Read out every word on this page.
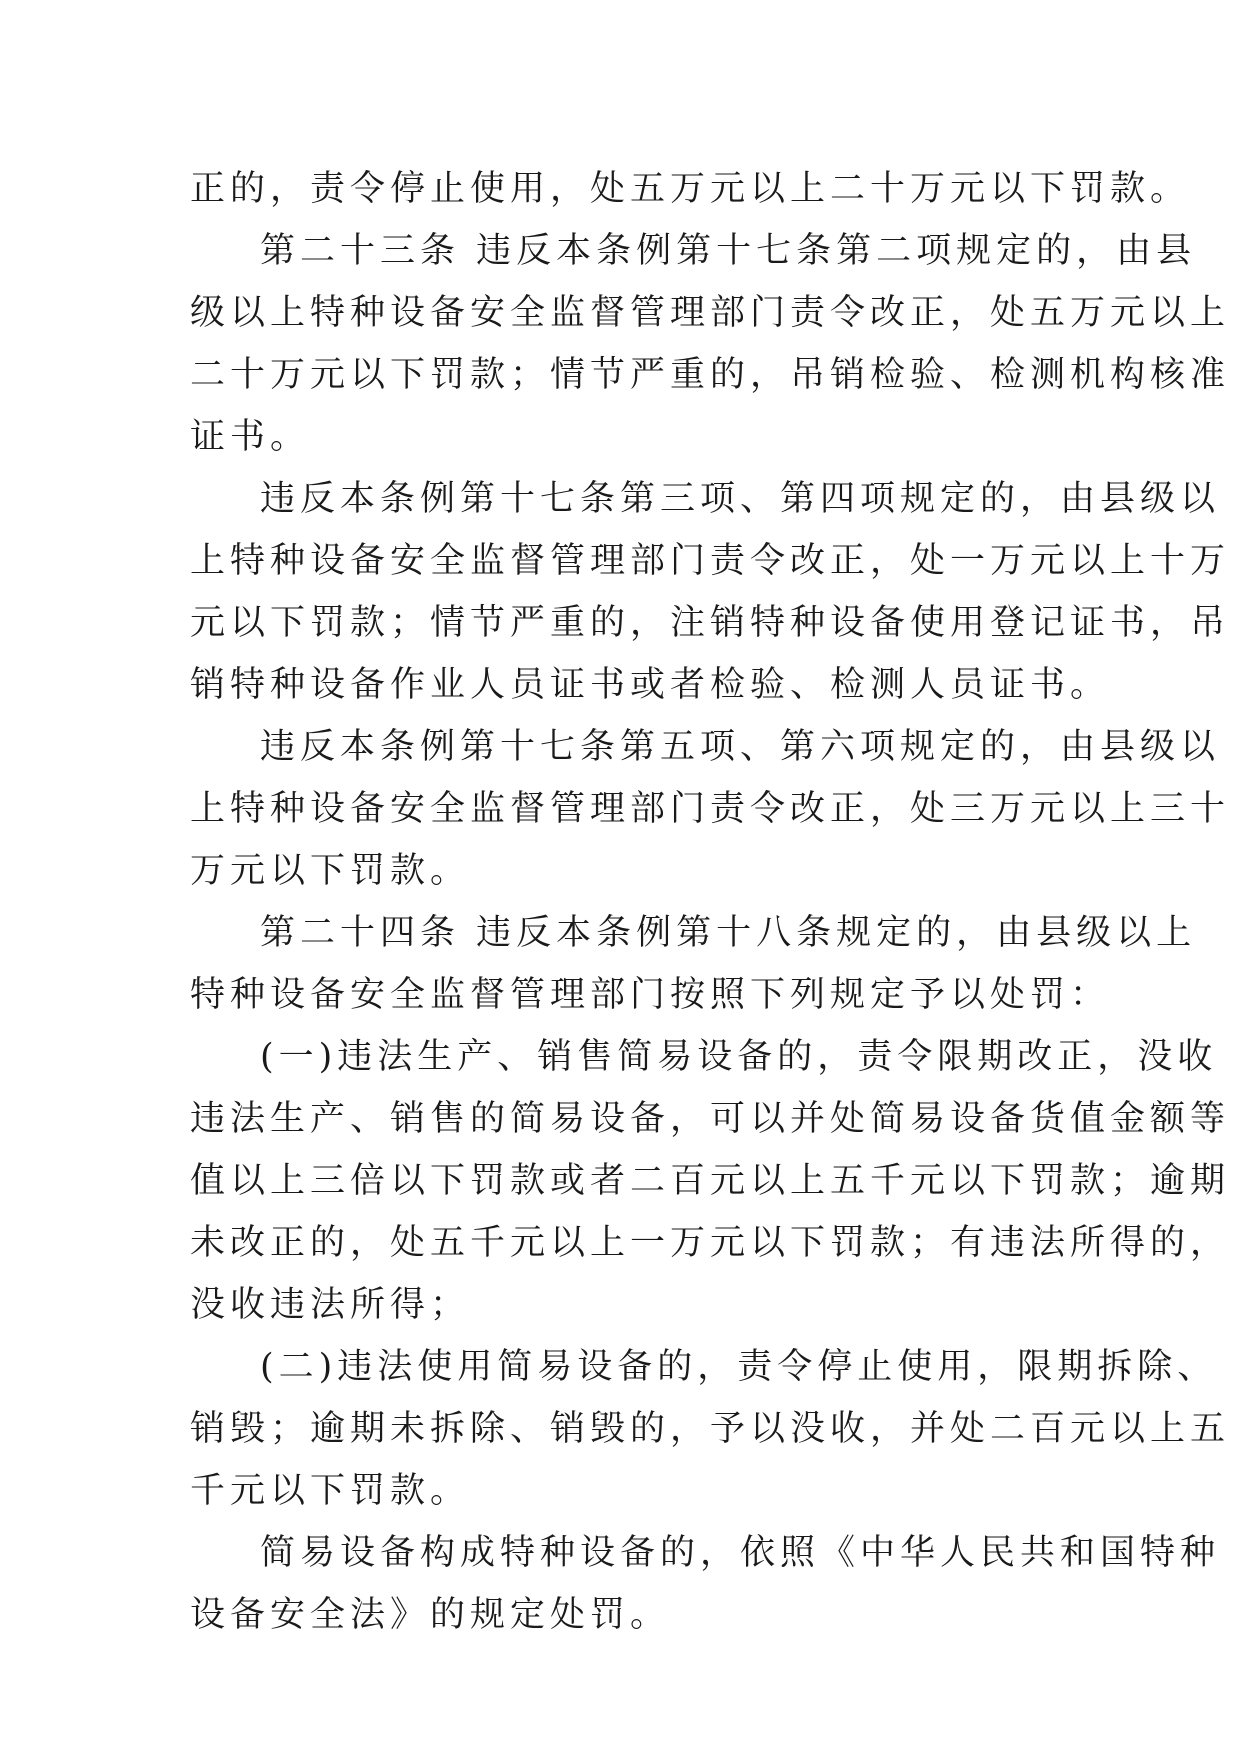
正的，责令停止使用，处五万元以上二十万元以下罚款。

第二十三条 违反本条例第十七条第二项规定的，由县
级以上特种设备安全监督管理部门责令改正，处五万元以上
二十万元以下罚款；情节严重的，吊销检验、检测机构核准
证书。

违反本条例第十七条第三项、第四项规定的，由县级以
上特种设备安全监督管理部门责令改正，处一万元以上十万
元以下罚款；情节严重的，注销特种设备使用登记证书，吊
销特种设备作业人员证书或者检验、检测人员证书。

违反本条例第十七条第五项、第六项规定的，由县级以
上特种设备安全监督管理部门责令改正，处三万元以上三十
万元以下罚款。

第二十四条 违反本条例第十八条规定的，由县级以上
特种设备安全监督管理部门按照下列规定予以处罚：

(一)违法生产、销售简易设备的，责令限期改正，没收
违法生产、销售的简易设备，可以并处简易设备货值金额等
值以上三倍以下罚款或者二百元以上五千元以下罚款；逾期
未改正的，处五千元以上一万元以下罚款；有违法所得的，
没收违法所得；

(二)违法使用简易设备的，责令停止使用，限期拆除、
销毁；逾期未拆除、销毁的，予以没收，并处二百元以上五
千元以下罚款。

简易设备构成特种设备的，依照《中华人民共和国特种
设备安全法》的规定处罚。
